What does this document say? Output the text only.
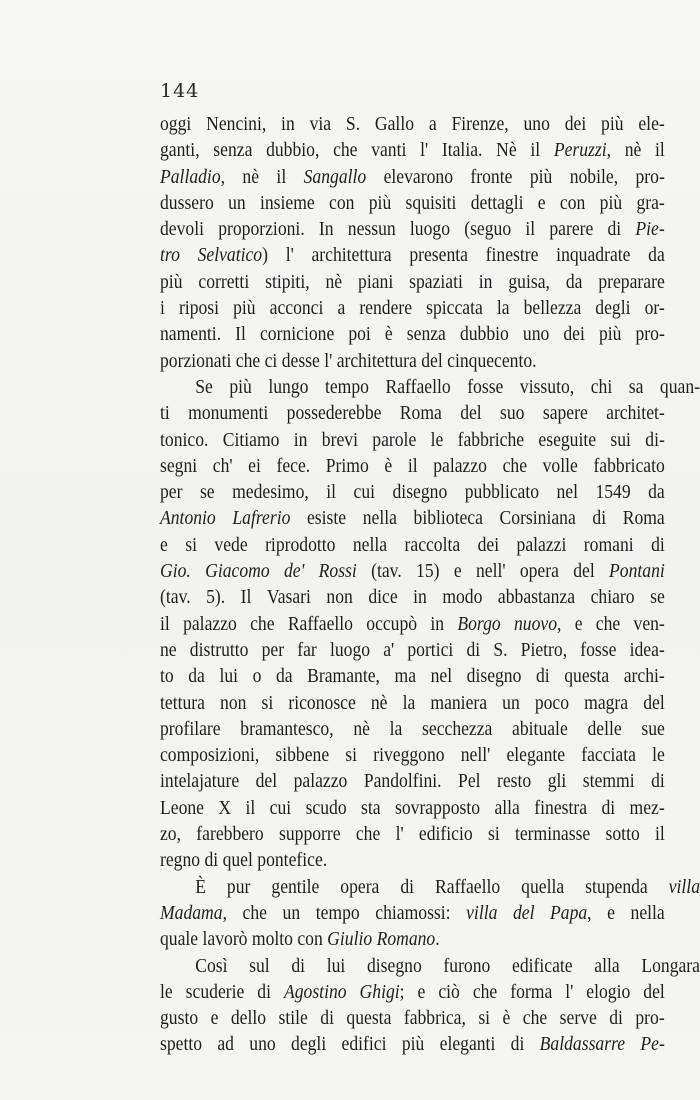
144
oggi Nencini, in via S. Gallo a Firenze, uno dei più ele-
ganti, senza dubbio, che vanti l' Italia. Nè il Peruzzi, nè il
Palladio, nè il Sangallo elevarono fronte più nobile, pro-
dussero un insieme con più squisiti dettagli e con più gra-
devoli proporzioni. In nessun luogo (seguo il parere di Pie-
tro Selvatico) l' architettura presenta finestre inquadrate da
più corretti stipiti, nè piani spaziati in guisa, da preparare
i riposi più acconci a rendere spiccata la bellezza degli or-
namenti. Il cornicione poi è senza dubbio uno dei più pro-
porzionati
che
ci
desse
l'
architettura
del
cinquecento.
Se più lungo tempo Raffaello fosse vissuto, chi sa quan-
ti monumenti possederebbe Roma del suo sapere architet-
tonico. Citiamo in brevi parole le fabbriche eseguite sui di-
segni ch' ei fece. Primo è il palazzo che volle fabbricato
per se medesimo, il cui disegno pubblicato nel 1549 da
Antonio Lafrerio esiste nella biblioteca Corsiniana di Roma
e si vede riprodotto nella raccolta dei palazzi romani di
Gio. Giacomo de' Rossi (tav. 15) e nell' opera del Pontani
(tav. 5). Il Vasari non dice in modo abbastanza chiaro se
il palazzo che Raffaello occupò in Borgo nuovo, e che ven-
ne distrutto per far luogo a' portici di S. Pietro, fosse idea-
to da lui o da Bramante, ma nel disegno di questa archi-
tettura non si riconosce nè la maniera un poco magra del
profilare bramantesco, nè la secchezza abituale delle sue
composizioni, sibbene si riveggono nell' elegante facciata le
intelajature del palazzo Pandolfini. Pel resto gli stemmi di
Leone X il cui scudo sta sovrapposto alla finestra di mez-
zo, farebbero supporre che l' edificio si terminasse sotto il
regno
di
quel
pontefice.
È pur gentile opera di Raffaello quella stupenda villa
Madama, che un tempo chiamossi: villa del Papa, e nella
quale
lavorò
molto
con
Giulio
Romano.
Così sul di lui disegno furono edificate alla Longara
le scuderie di Agostino Ghigi; e ciò che forma l' elogio del
gusto e dello stile di questa fabbrica, si è che serve di pro-
spetto ad uno degli edifici più eleganti di Baldassarre Pe-
